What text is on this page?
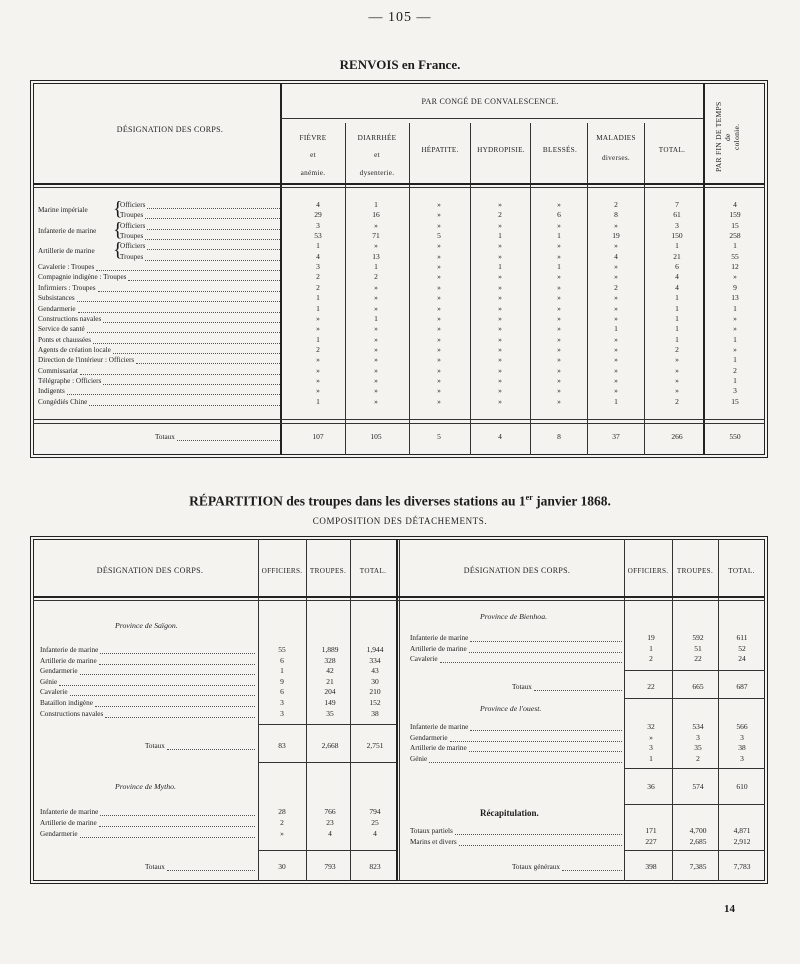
— 105 —
14
RENVOIS en France.
DÉSIGNATION DES CORPS.
PAR CONGÉ DE CONVALESCENCE.
FIÈVRE
et
anémie.
DIARRHÉE
et
dysenterie.
HÉPATITE.	HYDROPISIE.	BLESSÉS.
MALADIES
diverses.
TOTAL.	PAR FIN DE TEMPS
de
colonie.
Marine impériale {
Officiers	4	1	»	»	»	2	7	4
Troupes	29	16	»	2	6	8	61	159
Infanterie de marine {
Officiers	3	»	»	»	»	»	3	15
Troupes	53	71	5	1	1	19	150	258
Artillerie de marine {
Officiers	1	»	»	»	»	»	1	1
Troupes	4	13	»	»	»	4	21	55
Cavalerie : Troupes	3	1	»	1	1	»	6	12
Compagnie indigène : Troupes	2	2	»	»	»	»	4	»
Infirmiers : Troupes	2	»	»	»	»	2	4	9
Subsistances	1	»	»	»	»	»	1	13
Gendarmerie	1	»	»	»	»	»	1	1
Constructions navales	»	1	»	»	»	»	1	»
Service de santé	»	»	»	»	»	1	1	»
Ponts et chaussées	1	»	»	»	»	»	1	1
Agents de création locale	2	»	»	»	»	»	2	»
Direction de l'intérieur : Officiers	»	»	»	»	»	»	»	1
Commissariat	»	»	»	»	»	»	»	2
Télégraphe : Officiers	»	»	»	»	»	»	»	1
Indigents	»	»	»	»	»	»	»	3
Congédiés Chine	1	»	»	»	»	1	2	15
Totaux	107	105	5	4	8	37	266	550
RÉPARTITION des troupes dans les diverses stations au 1er janvier 1868.
COMPOSITION DES DÉTACHEMENTS.
DÉSIGNATION DES CORPS.	OFFICIERS.	TROUPES.	TOTAL.	DÉSIGNATION DES CORPS.	OFFICIERS.	TROUPES.	TOTAL.
Province de Saïgon.
Infanterie de marine	55	1,889	1,944
Artillerie de marine	6	328	334
Gendarmerie	1	42	43
Génie	9	21	30
Cavalerie	6	204	210
Bataillon indigène	3	149	152
Constructions navales	3	35	38
Totaux	83	2,668	2,751
Province de Mytho.
Infanterie de marine	28	766	794
Artillerie de marine	2	23	25
Gendarmerie	»	4	4
Totaux	30	793	823
Province de Bienhoa.
Infanterie de marine	19	592	611
Artillerie de marine	1	51	52
Cavalerie	2	22	24
Totaux	22	665	687
Province de l'ouest.
Infanterie de marine	32	534	566
Gendarmerie	»	3	3
Artillerie de marine	3	35	38
Génie	1	2	3
36	574	610
Récapitulation.
Totaux partiels	171	4,700	4,871
Marins et divers	227	2,685	2,912
Totaux généraux	398	7,385	7,783
